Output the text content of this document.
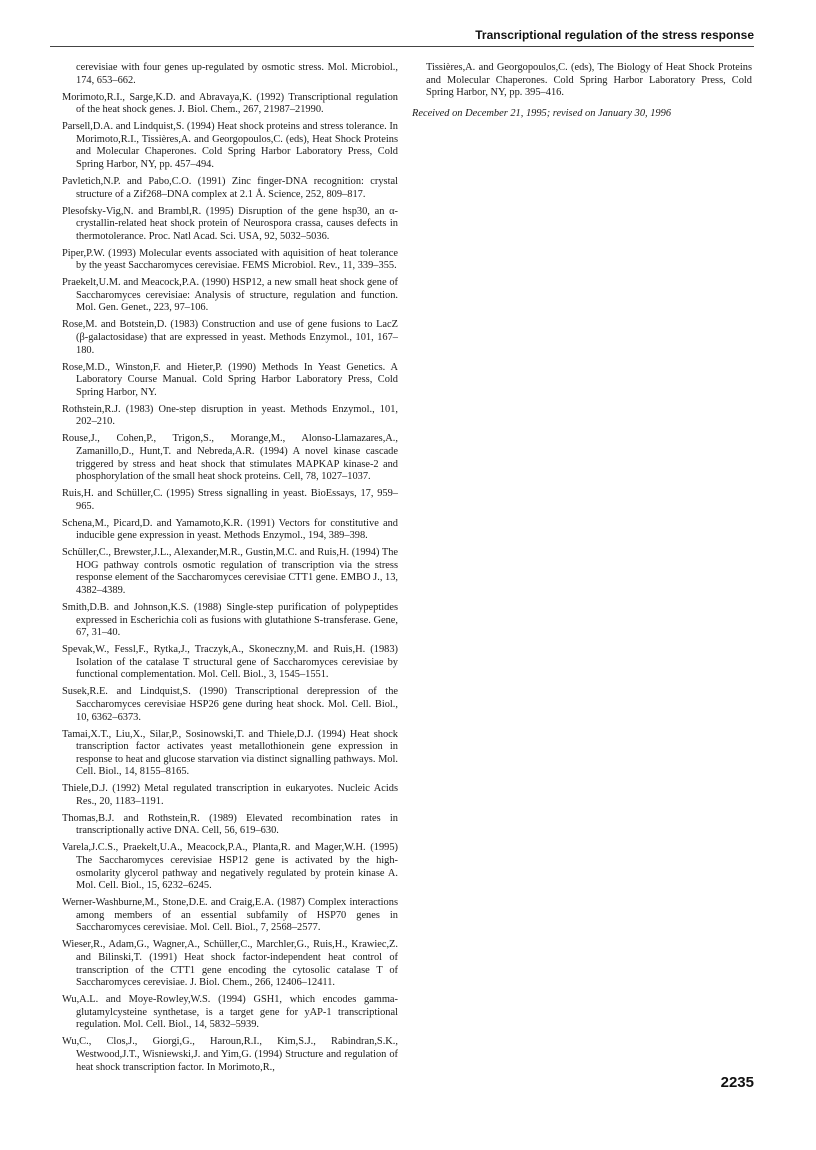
Transcriptional regulation of the stress response

cerevisiae with four genes up-regulated by osmotic stress. Mol. Microbiol., 174, 653–662.

Morimoto,R.I., Sarge,K.D. and Abravaya,K. (1992) Transcriptional regulation of the heat shock genes. J. Biol. Chem., 267, 21987–21990.

Parsell,D.A. and Lindquist,S. (1994) Heat shock proteins and stress tolerance. In Morimoto,R.I., Tissières,A. and Georgopoulos,C. (eds), Heat Shock Proteins and Molecular Chaperones. Cold Spring Harbor Laboratory Press, Cold Spring Harbor, NY, pp. 457–494.

Pavletich,N.P. and Pabo,C.O. (1991) Zinc finger-DNA recognition: crystal structure of a Zif268–DNA complex at 2.1 Å. Science, 252, 809–817.

Plesofsky-Vig,N. and Brambl,R. (1995) Disruption of the gene hsp30, an α-crystallin-related heat shock protein of Neurospora crassa, causes defects in thermotolerance. Proc. Natl Acad. Sci. USA, 92, 5032–5036.

Piper,P.W. (1993) Molecular events associated with aquisition of heat tolerance by the yeast Saccharomyces cerevisiae. FEMS Microbiol. Rev., 11, 339–355.

Praekelt,U.M. and Meacock,P.A. (1990) HSP12, a new small heat shock gene of Saccharomyces cerevisiae: Analysis of structure, regulation and function. Mol. Gen. Genet., 223, 97–106.

Rose,M. and Botstein,D. (1983) Construction and use of gene fusions to LacZ (β-galactosidase) that are expressed in yeast. Methods Enzymol., 101, 167–180.

Rose,M.D., Winston,F. and Hieter,P. (1990) Methods In Yeast Genetics. A Laboratory Course Manual. Cold Spring Harbor Laboratory Press, Cold Spring Harbor, NY.

Rothstein,R.J. (1983) One-step disruption in yeast. Methods Enzymol., 101, 202–210.

Rouse,J., Cohen,P., Trigon,S., Morange,M., Alonso-Llamazares,A., Zamanillo,D., Hunt,T. and Nebreda,A.R. (1994) A novel kinase cascade triggered by stress and heat shock that stimulates MAPKAP kinase-2 and phosphorylation of the small heat shock proteins. Cell, 78, 1027–1037.

Ruis,H. and Schüller,C. (1995) Stress signalling in yeast. BioEssays, 17, 959–965.

Schena,M., Picard,D. and Yamamoto,K.R. (1991) Vectors for constitutive and inducible gene expression in yeast. Methods Enzymol., 194, 389–398.

Schüller,C., Brewster,J.L., Alexander,M.R., Gustin,M.C. and Ruis,H. (1994) The HOG pathway controls osmotic regulation of transcription via the stress response element of the Saccharomyces cerevisiae CTT1 gene. EMBO J., 13, 4382–4389.

Smith,D.B. and Johnson,K.S. (1988) Single-step purification of polypeptides expressed in Escherichia coli as fusions with glutathione S-transferase. Gene, 67, 31–40.

Spevak,W., Fessl,F., Rytka,J., Traczyk,A., Skoneczny,M. and Ruis,H. (1983) Isolation of the catalase T structural gene of Saccharomyces cerevisiae by functional complementation. Mol. Cell. Biol., 3, 1545–1551.

Susek,R.E. and Lindquist,S. (1990) Transcriptional derepression of the Saccharomyces cerevisiae HSP26 gene during heat shock. Mol. Cell. Biol., 10, 6362–6373.

Tamai,X.T., Liu,X., Silar,P., Sosinowski,T. and Thiele,D.J. (1994) Heat shock transcription factor activates yeast metallothionein gene expression in response to heat and glucose starvation via distinct signalling pathways. Mol. Cell. Biol., 14, 8155–8165.

Thiele,D.J. (1992) Metal regulated transcription in eukaryotes. Nucleic Acids Res., 20, 1183–1191.

Thomas,B.J. and Rothstein,R. (1989) Elevated recombination rates in transcriptionally active DNA. Cell, 56, 619–630.

Varela,J.C.S., Praekelt,U.A., Meacock,P.A., Planta,R. and Mager,W.H. (1995) The Saccharomyces cerevisiae HSP12 gene is activated by the high-osmolarity glycerol pathway and negatively regulated by protein kinase A. Mol. Cell. Biol., 15, 6232–6245.

Werner-Washburne,M., Stone,D.E. and Craig,E.A. (1987) Complex interactions among members of an essential subfamily of HSP70 genes in Saccharomyces cerevisiae. Mol. Cell. Biol., 7, 2568–2577.

Wieser,R., Adam,G., Wagner,A., Schüller,C., Marchler,G., Ruis,H., Krawiec,Z. and Bilinski,T. (1991) Heat shock factor-independent heat control of transcription of the CTT1 gene encoding the cytosolic catalase T of Saccharomyces cerevisiae. J. Biol. Chem., 266, 12406–12411.

Wu,A.L. and Moye-Rowley,W.S. (1994) GSH1, which encodes gamma-glutamylcysteine synthetase, is a target gene for yAP-1 transcriptional regulation. Mol. Cell. Biol., 14, 5832–5939.

Wu,C., Clos,J., Giorgi,G., Haroun,R.I., Kim,S.J., Rabindran,S.K., Westwood,J.T., Wisniewski,J. and Yim,G. (1994) Structure and regulation of heat shock transcription factor. In Morimoto,R.,

Tissières,A. and Georgopoulos,C. (eds), The Biology of Heat Shock Proteins and Molecular Chaperones. Cold Spring Harbor Laboratory Press, Cold Spring Harbor, NY, pp. 395–416.

Received on December 21, 1995; revised on January 30, 1996

2235
